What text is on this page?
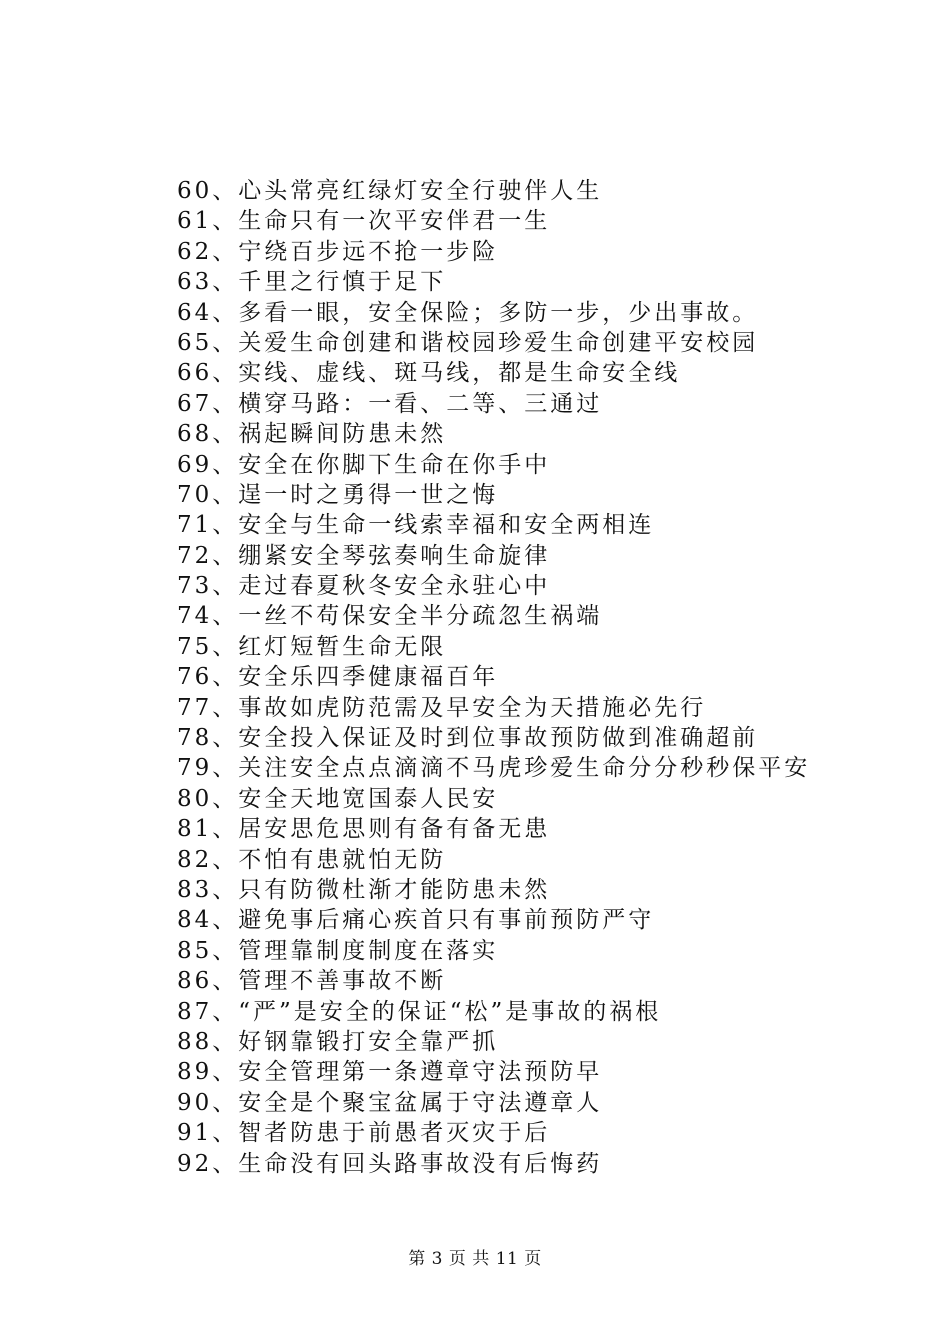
60、心头常亮红绿灯安全行驶伴人生
61、生命只有一次平安伴君一生
62、宁绕百步远不抢一步险
63、千里之行慎于足下
64、多看一眼，安全保险；多防一步，少出事故。
65、关爱生命创建和谐校园珍爱生命创建平安校园
66、实线、虚线、斑马线，都是生命安全线
67、横穿马路：一看、二等、三通过
68、祸起瞬间防患未然
69、安全在你脚下生命在你手中
70、逞一时之勇得一世之悔
71、安全与生命一线索幸福和安全两相连
72、绷紧安全琴弦奏响生命旋律
73、走过春夏秋冬安全永驻心中
74、一丝不苟保安全半分疏忽生祸端
75、红灯短暂生命无限
76、安全乐四季健康福百年
77、事故如虎防范需及早安全为天措施必先行
78、安全投入保证及时到位事故预防做到准确超前
79、关注安全点点滴滴不马虎珍爱生命分分秒秒保平安
80、安全天地宽国泰人民安
81、居安思危思则有备有备无患
82、不怕有患就怕无防
83、只有防微杜渐才能防患未然
84、避免事后痛心疾首只有事前预防严守
85、管理靠制度制度在落实
86、管理不善事故不断
87、“严”是安全的保证“松”是事故的祸根
88、好钢靠锻打安全靠严抓
89、安全管理第一条遵章守法预防早
90、安全是个聚宝盆属于守法遵章人
91、智者防患于前愚者灭灾于后
92、生命没有回头路事故没有后悔药
第 3 页 共 11 页
